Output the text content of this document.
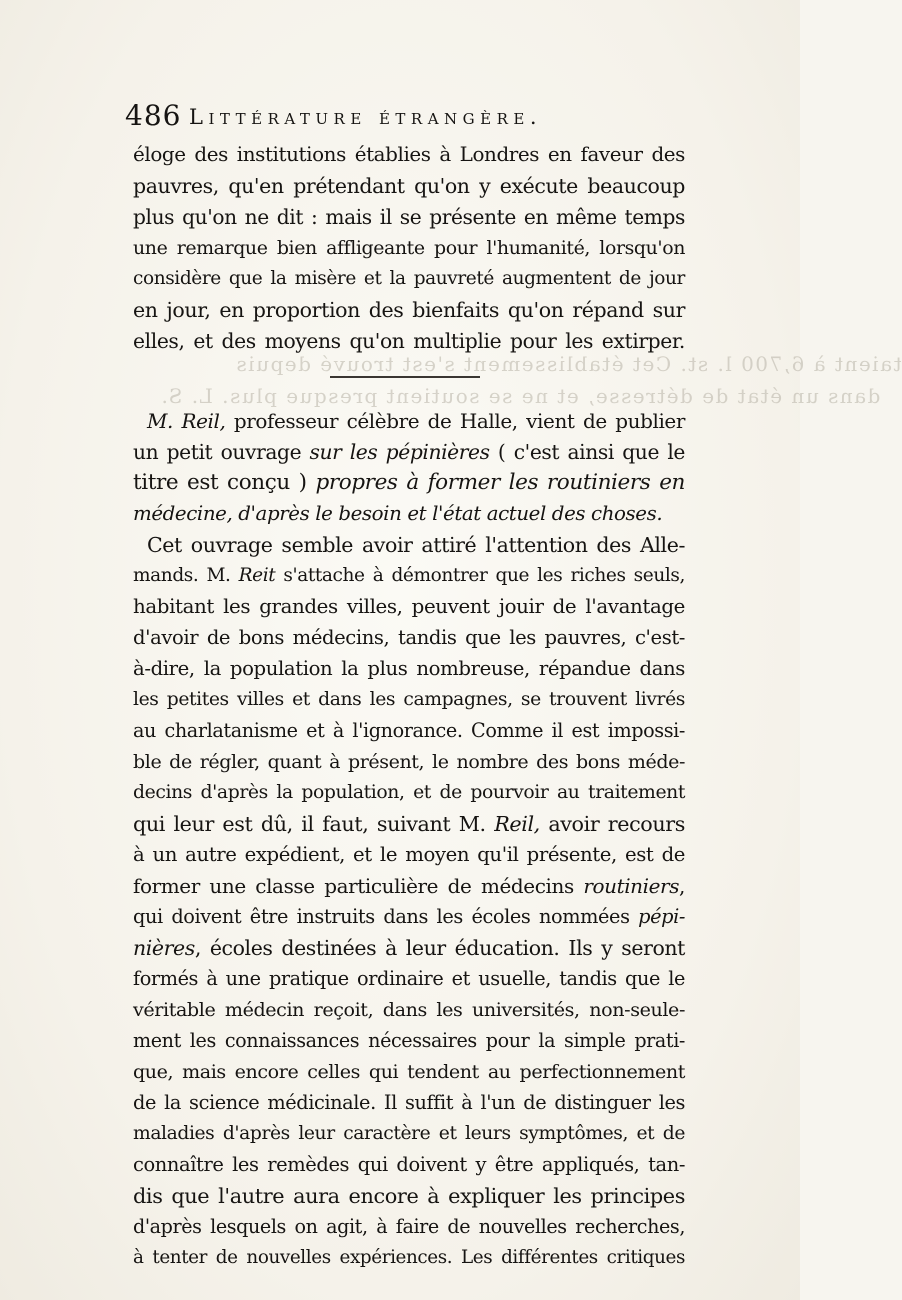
486 Littérature étrangère.
éloge des institutions établies à Londres en faveur des
pauvres, qu'en prétendant qu'on y exécute beaucoup
plus qu'on ne dit : mais il se présente en même temps
une remarque bien affligeante pour l'humanité, lorsqu'on
considère que la misère et la pauvreté augmentent de jour
en jour, en proportion des bienfaits qu'on répand sur
elles, et des moyens qu'on multiplie pour les extirper.
taient à 6,700 l. st. Cet établissement s'est trouvé depuis
dans un état de détresse, et ne se soutient presque plus. L. S.
M. Reil, professeur célèbre de Halle, vient de publier
un petit ouvrage sur les pépinières ( c'est ainsi que le
titre est conçu ) propres à former les routiniers en
médecine, d'après le besoin et l'état actuel des choses.
Cet ouvrage semble avoir attiré l'attention des Alle-
mands. M. Reit s'attache à démontrer que les riches seuls,
habitant les grandes villes, peuvent jouir de l'avantage
d'avoir de bons médecins, tandis que les pauvres, c'est-
à-dire, la population la plus nombreuse, répandue dans
les petites villes et dans les campagnes, se trouvent livrés
au charlatanisme et à l'ignorance. Comme il est impossi-
ble de régler, quant à présent, le nombre des bons méde-
decins d'après la population, et de pourvoir au traitement
qui leur est dû, il faut, suivant M. Reil, avoir recours
à un autre expédient, et le moyen qu'il présente, est de
former une classe particulière de médecins routiniers,
qui doivent être instruits dans les écoles nommées pépi-
nières, écoles destinées à leur éducation. Ils y seront
formés à une pratique ordinaire et usuelle, tandis que le
véritable médecin reçoit, dans les universités, non-seule-
ment les connaissances nécessaires pour la simple prati-
que, mais encore celles qui tendent au perfectionnement
de la science médicinale. Il suffit à l'un de distinguer les
maladies d'après leur caractère et leurs symptômes, et de
connaître les remèdes qui doivent y être appliqués, tan-
dis que l'autre aura encore à expliquer les principes
d'après lesquels on agit, à faire de nouvelles recherches,
à tenter de nouvelles expériences. Les différentes critiques
